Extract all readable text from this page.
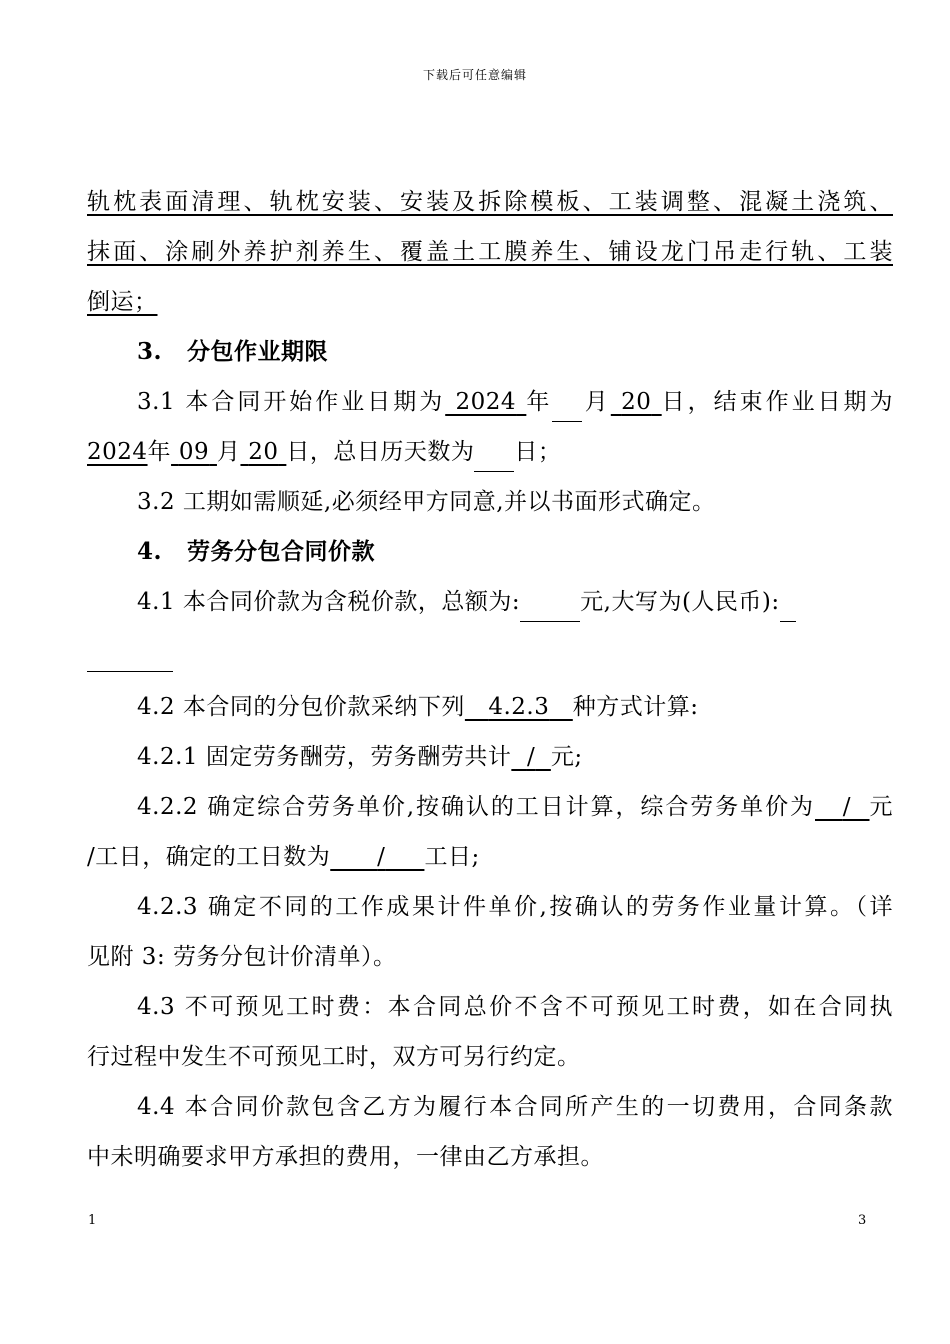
下载后可任意编辑
轨枕表面清理、轨枕安装、安装及拆除模板、工装调整、混凝土浇筑、
抹面、涂刷外养护剂养生、覆盖土工膜养生、铺设龙门吊走行轨、工装
倒运；
3. 分包作业期限
3.1 本合同开始作业日期为 2024 年 月 20 日，结束作业日期为
2024年 09 月 20 日，总日历天数为 日；
3.2 工期如需顺延,必须经甲方同意,并以书面形式确定。
4. 劳务分包合同价款
4.1 本合同价款为含税价款，总额为:	元,大写为(人民币):
4.2 本合同的分包价款采纳下列 4.2.3 种方式计算:
4.2.1 固定劳务酬劳，劳务酬劳共计 / 元;
4.2.2 确定综合劳务单价,按确认的工日计算，综合劳务单价为 / 元
/工日，确定的工日数为 / 工日;
4.2.3 确定不同的工作成果计件单价,按确认的劳务作业量计算。（详
见附 3: 劳务分包计价清单）。
4.3 不可预见工时费：本合同总价不含不可预见工时费，如在合同执
行过程中发生不可预见工时，双方可另行约定。
4.4 本合同价款包含乙方为履行本合同所产生的一切费用，合同条款
中未明确要求甲方承担的费用，一律由乙方承担。
1	3
